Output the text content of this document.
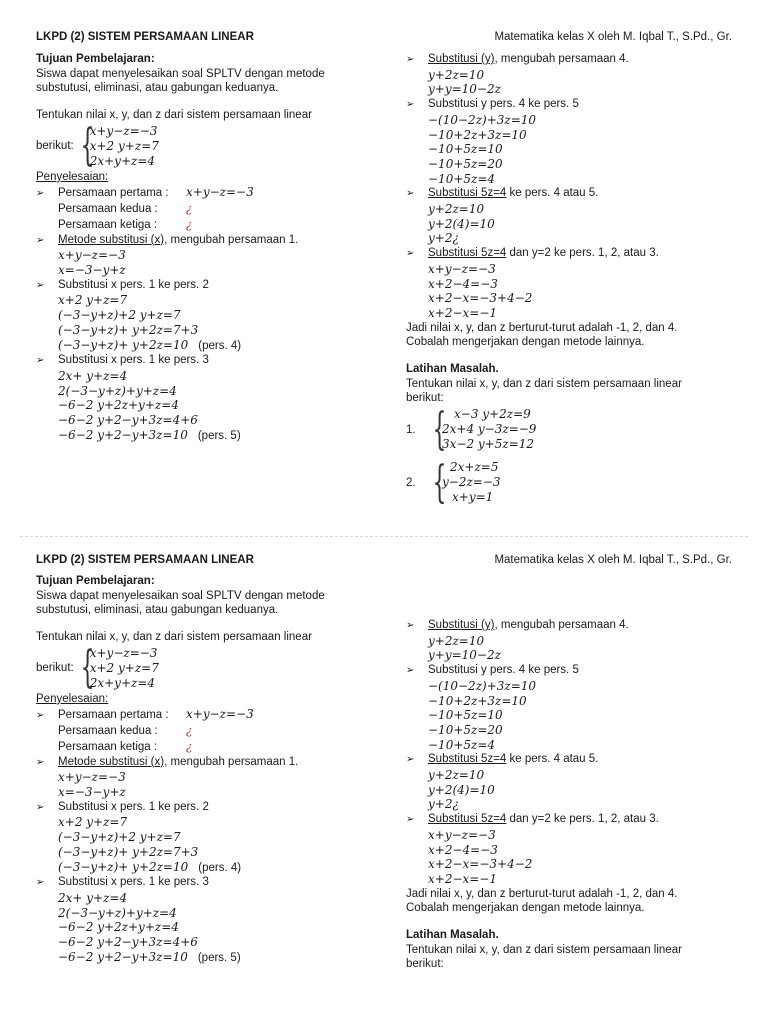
LKPD (2) SISTEM PERSAMAAN LINEAR	Matematika kelas X oleh M. Iqbal T., S.Pd., Gr.
Tujuan Pembelajaran:
Siswa dapat menyelesaikan soal SPLTV dengan metode
substutusi, eliminasi, atau gabungan keduanya.
Tentukan nilai x, y, dan z dari sistem persamaan linear
berikut: {
x+y−z=−3
x+2 y+z=7
2x+y+z=4
Penyelesaian:
➢ Persamaan pertama : x+y−z=−3
Persamaan kedua : ¿
Persamaan ketiga :	¿
➢ Metode substitusi (x), mengubah persamaan 1.
x+y−z=−3
x=−3−y+z
➢ Substitusi x pers. 1 ke pers. 2
x+2 y+z=7
(−3−y+z)+2 y+z=7
(−3−y+z)+ y+2z=7+3
(−3−y+z)+ y+2z=10 (pers. 4)
➢ Substitusi x pers. 1 ke pers. 3
2x+ y+z=4
2(−3−y+z)+y+z=4
−6−2 y+2z+y+z=4
−6−2 y+2−y+3z=4+6
−6−2 y+2−y+3z=10 (pers. 5)
➢ Substitusi (y), mengubah persamaan 4.
y+2z=10
y+y=10−2z
➢ Substitusi y pers. 4 ke pers. 5
−(10−2z)+3z=10
−10+2z+3z=10
−10+5z=10
−10+5z=20
−10+5z=4
➢ Substitusi 5z=4 ke pers. 4 atau 5.
y+2z=10
y+2(4)=10
y+2¿
➢ Substitusi 5z=4 dan y=2 ke pers. 1, 2, atau 3.
x+y−z=−3
x+2−4=−3
x+2−x=−3+4−2
x+2−x=−1
Jadi nilai x, y, dan z berturut-turut adalah -1, 2, dan 4.
Cobalah mengerjakan dengan metode lainnya.
Latihan Masalah.
Tentukan nilai x, y, dan z dari sistem persamaan linear
berikut:
1. { x−3 y+2z=9
2x+4 y−3z=−9
3x−2 y+5z=12
2. { 2x+z=5
y−2z=−3
x+y=1
LKPD (2) SISTEM PERSAMAAN LINEAR	Matematika kelas X oleh M. Iqbal T., S.Pd., Gr.
Tujuan Pembelajaran:
Siswa dapat menyelesaikan soal SPLTV dengan metode
substutusi, eliminasi, atau gabungan keduanya.
Tentukan nilai x, y, dan z dari sistem persamaan linear
berikut: {
x+y−z=−3
x+2 y+z=7
2x+y+z=4
Penyelesaian:
➢ Persamaan pertama : x+y−z=−3
Persamaan kedua : ¿
Persamaan ketiga :	¿
➢ Metode substitusi (x), mengubah persamaan 1.
x+y−z=−3
x=−3−y+z
➢ Substitusi x pers. 1 ke pers. 2
x+2 y+z=7
(−3−y+z)+2 y+z=7
(−3−y+z)+ y+2z=7+3
(−3−y+z)+ y+2z=10 (pers. 4)
➢ Substitusi x pers. 1 ke pers. 3
2x+ y+z=4
2(−3−y+z)+y+z=4
−6−2 y+2z+y+z=4
−6−2 y+2−y+3z=4+6
−6−2 y+2−y+3z=10 (pers. 5)
➢ Substitusi (y), mengubah persamaan 4.
y+2z=10
y+y=10−2z
➢ Substitusi y pers. 4 ke pers. 5
−(10−2z)+3z=10
−10+2z+3z=10
−10+5z=10
−10+5z=20
−10+5z=4
➢ Substitusi 5z=4 ke pers. 4 atau 5.
y+2z=10
y+2(4)=10
y+2¿
➢ Substitusi 5z=4 dan y=2 ke pers. 1, 2, atau 3.
x+y−z=−3
x+2−4=−3
x+2−x=−3+4−2
x+2−x=−1
Jadi nilai x, y, dan z berturut-turut adalah -1, 2, dan 4.
Cobalah mengerjakan dengan metode lainnya.
Latihan Masalah.
Tentukan nilai x, y, dan z dari sistem persamaan linear
berikut:
